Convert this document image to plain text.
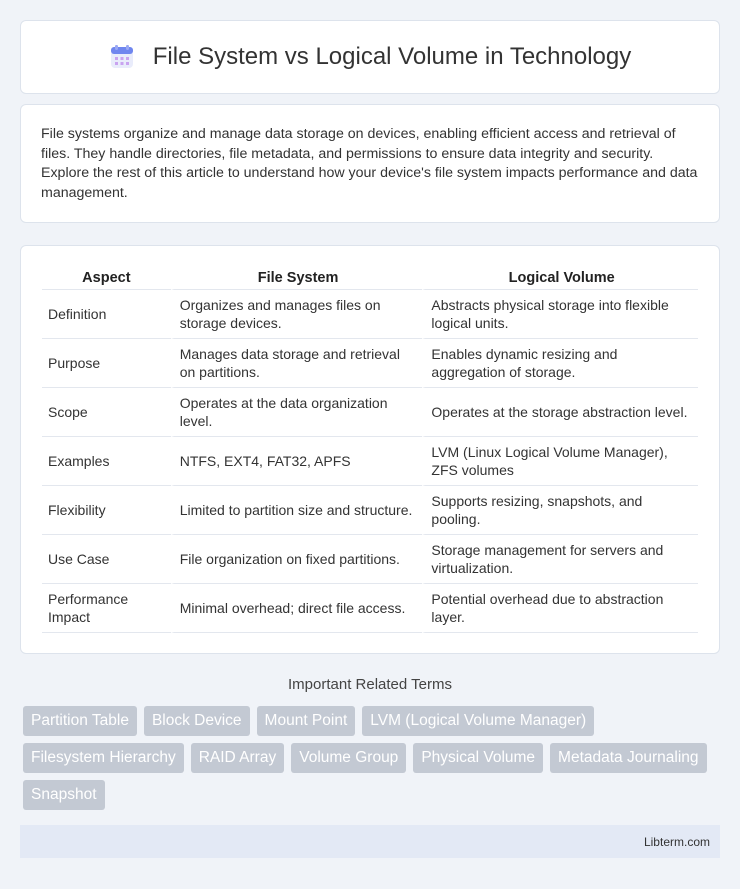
File System vs Logical Volume in Technology

File systems organize and manage data storage on devices, enabling efficient access and retrieval of files. They handle directories, file metadata, and permissions to ensure data integrity and security. Explore the rest of this article to understand how your device's file system impacts performance and data management.

Aspect	File System	Logical Volume
Definition	Organizes and manages files on storage devices.	Abstracts physical storage into flexible logical units.
Purpose	Manages data storage and retrieval on partitions.	Enables dynamic resizing and aggregation of storage.
Scope	Operates at the data organization level.	Operates at the storage abstraction level.
Examples	NTFS, EXT4, FAT32, APFS	LVM (Linux Logical Volume Manager), ZFS volumes
Flexibility	Limited to partition size and structure.	Supports resizing, snapshots, and pooling.
Use Case	File organization on fixed partitions.	Storage management for servers and virtualization.
Performance Impact	Minimal overhead; direct file access.	Potential overhead due to abstraction layer.
Important Related Terms
Partition Table	Block Device	Mount Point	LVM (Logical Volume Manager)
Filesystem Hierarchy	RAID Array	Volume Group	Physical Volume	Metadata Journaling
Snapshot
Libterm.com
